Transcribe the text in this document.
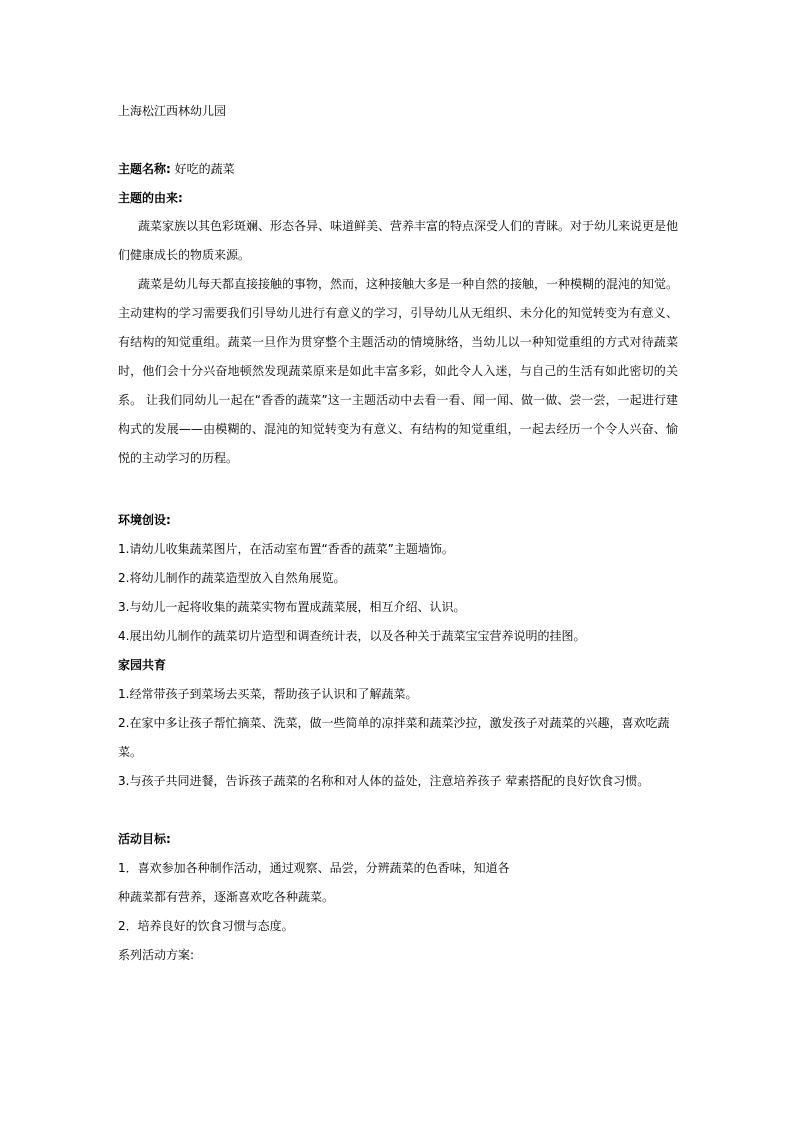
上海松江西林幼儿园
主题名称: 好吃的蔬菜
主题的由来:
蔬菜家族以其色彩斑斓、形态各异、味道鲜美、营养丰富的特点深受人们的青睐。对于幼儿来说更是他们健康成长的物质来源。
蔬菜是幼儿每天都直接接触的事物，然而，这种接触大多是一种自然的接触，一种模糊的混沌的知觉。主动建构的学习需要我们引导幼儿进行有意义的学习，引导幼儿从无组织、未分化的知觉转变为有意义、有结构的知觉重组。蔬菜一旦作为贯穿整个主题活动的情境脉络，当幼儿以一种知觉重组的方式对待蔬菜时，他们会十分兴奋地顿然发现蔬菜原来是如此丰富多彩，如此令人入迷，与自己的生活有如此密切的关系。 让我们同幼儿一起在“香香的蔬菜”这一主题活动中去看一看、闻一闻、做一做、尝一尝，一起进行建构式的发展——由模糊的、混沌的知觉转变为有意义、有结构的知觉重组，一起去经历一个令人兴奋、愉悦的主动学习的历程。
环境创设:
1.请幼儿收集蔬菜图片，在活动室布置“香香的蔬菜”主题墙饰。
2.将幼儿制作的蔬菜造型放入自然角展览。
3.与幼儿一起将收集的蔬菜实物布置成蔬菜展，相互介绍、认识。
4.展出幼儿制作的蔬菜切片造型和调查统计表，以及各种关于蔬菜宝宝营养说明的挂图。
家园共育
1.经常带孩子到菜场去买菜，帮助孩子认识和了解蔬菜。
2.在家中多让孩子帮忙摘菜、洗菜，做一些简单的凉拌菜和蔬菜沙拉，激发孩子对蔬菜的兴趣，喜欢吃蔬
菜。
3.与孩子共同进餐，告诉孩子蔬菜的名称和对人体的益处，注意培养孩子 荤素搭配的良好饮食习惯。
活动目标:
1．喜欢参加各种制作活动，通过观察、品尝，分辨蔬菜的色香味，知道各
种蔬菜都有营养，逐渐喜欢吃各种蔬菜。
2．培养良好的饮食习惯与态度。
系列活动方案:
